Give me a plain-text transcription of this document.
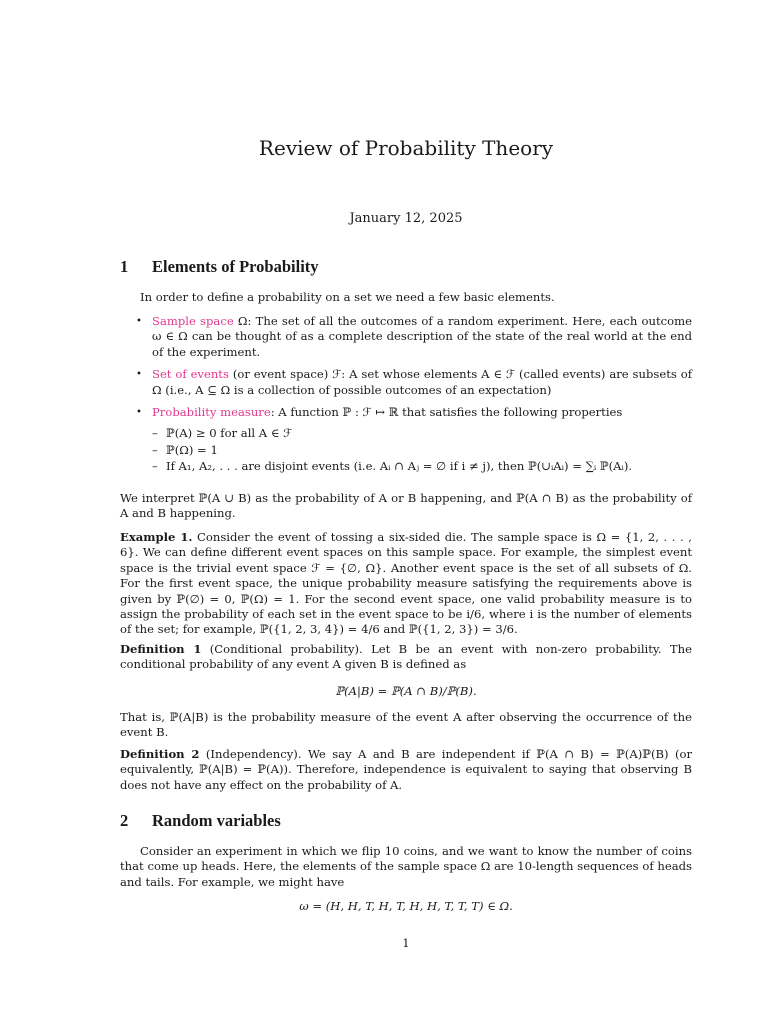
Review of Probability Theory
January 12, 2025
1 Elements of Probability

In order to define a probability on a set we need a few basic elements.

• Sample space Ω: The set of all the outcomes of a random experiment. Here, each outcome ω ∈ Ω can be thought of as a complete description of the state of the real world at the end of the experiment.
• Set of events (or event space) ℱ: A set whose elements A ∈ ℱ (called events) are subsets of Ω (i.e., A ⊆ Ω is a collection of possible outcomes of an expectation)
• Probability measure: A function ℙ : ℱ ↦ ℝ that satisfies the following properties
– ℙ(A) ≥ 0 for all A ∈ ℱ
– ℙ(Ω) = 1
– If A₁, A₂, . . . are disjoint events (i.e. Aᵢ ∩ Aⱼ = ∅ if i ≠ j), then ℙ(∪ᵢAᵢ) = ∑ᵢ ℙ(Aᵢ).

We interpret ℙ(A ∪ B) as the probability of A or B happening, and ℙ(A ∩ B) as the probability of A and B happening.

Example 1. Consider the event of tossing a six-sided die. The sample space is Ω = {1, 2, . . . , 6}. We can define different event spaces on this sample space. For example, the simplest event space is the trivial event space ℱ = {∅, Ω}. Another event space is the set of all subsets of Ω. For the first event space, the unique probability measure satisfying the requirements above is given by ℙ(∅) = 0, ℙ(Ω) = 1. For the second event space, one valid probability measure is to assign the probability of each set in the event space to be i/6, where i is the number of elements of the set; for example, ℙ({1, 2, 3, 4}) = 4/6 and ℙ({1, 2, 3}) = 3/6.

Definition 1 (Conditional probability). Let B be an event with non-zero probability. The conditional probability of any event A given B is defined as

ℙ(A|B) = ℙ(A ∩ B)/ℙ(B).

That is, ℙ(A|B) is the probability measure of the event A after observing the occurrence of the event B.

Definition 2 (Independency). We say A and B are independent if ℙ(A ∩ B) = ℙ(A)ℙ(B) (or equivalently, ℙ(A|B) = ℙ(A)). Therefore, independence is equivalent to saying that observing B does not have any effect on the probability of A.

2 Random variables

Consider an experiment in which we flip 10 coins, and we want to know the number of coins that come up heads. Here, the elements of the sample space Ω are 10-length sequences of heads and tails. For example, we might have

ω = (H, H, T, H, T, H, H, T, T, T) ∈ Ω.
1
